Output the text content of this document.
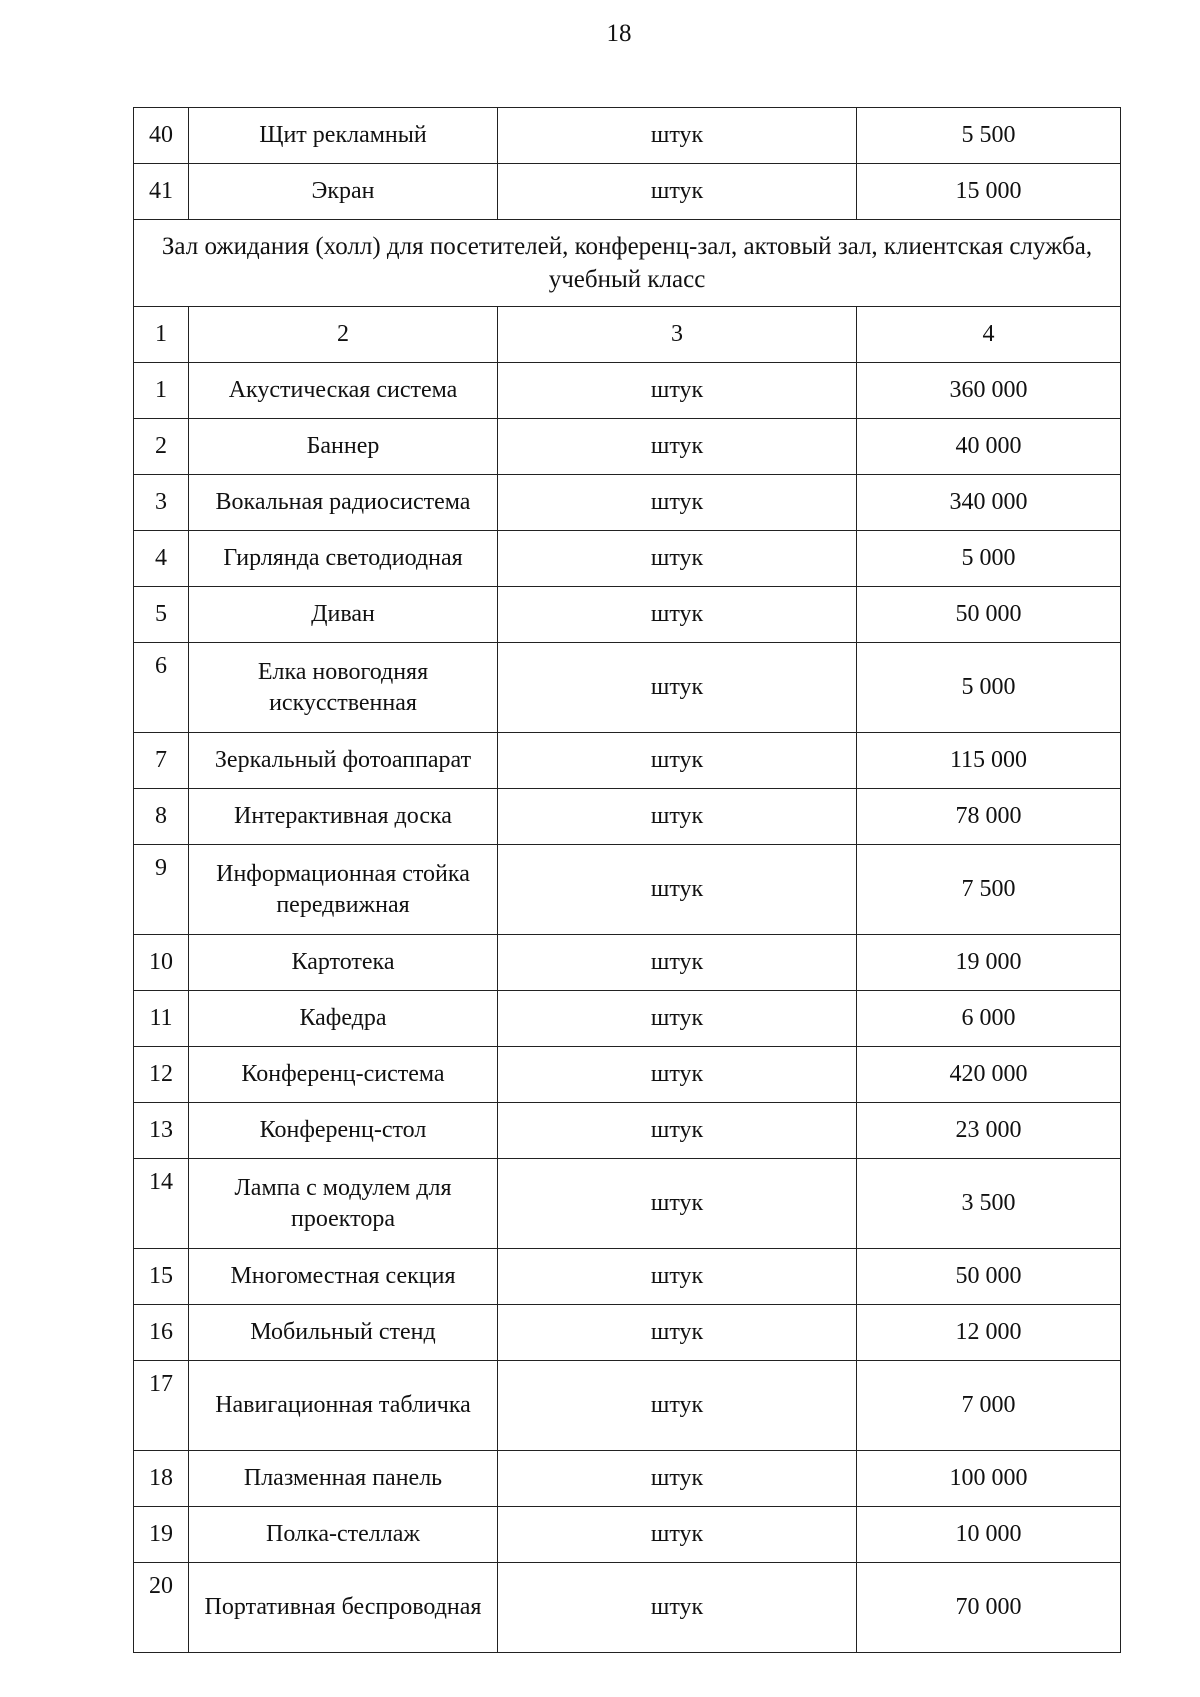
18
40	Щит рекламный	штук	5 500
41	Экран	штук	15 000
Зал ожидания (холл) для посетителей, конференц-зал, актовый зал, клиентская служба, учебный класс			
1	2	3	4
1	Акустическая система	штук	360 000
2	Баннер	штук	40 000
3	Вокальная радиосистема	штук	340 000
4	Гирлянда светодиодная	штук	5 000
5	Диван	штук	50 000
6	Елка новогодняя искусственная	штук	5 000
7	Зеркальный фотоаппарат	штук	115 000
8	Интерактивная доска	штук	78 000
9	Информационная стойка передвижная	штук	7 500
10	Картотека	штук	19 000
11	Кафедра	штук	6 000
12	Конференц-система	штук	420 000
13	Конференц-стол	штук	23 000
14	Лампа с модулем для проектора	штук	3 500
15	Многоместная секция	штук	50 000
16	Мобильный стенд	штук	12 000
17	Навигационная табличка	штук	7 000
18	Плазменная панель	штук	100 000
19	Полка-стеллаж	штук	10 000
20	Портативная беспроводная	штук	70 000
